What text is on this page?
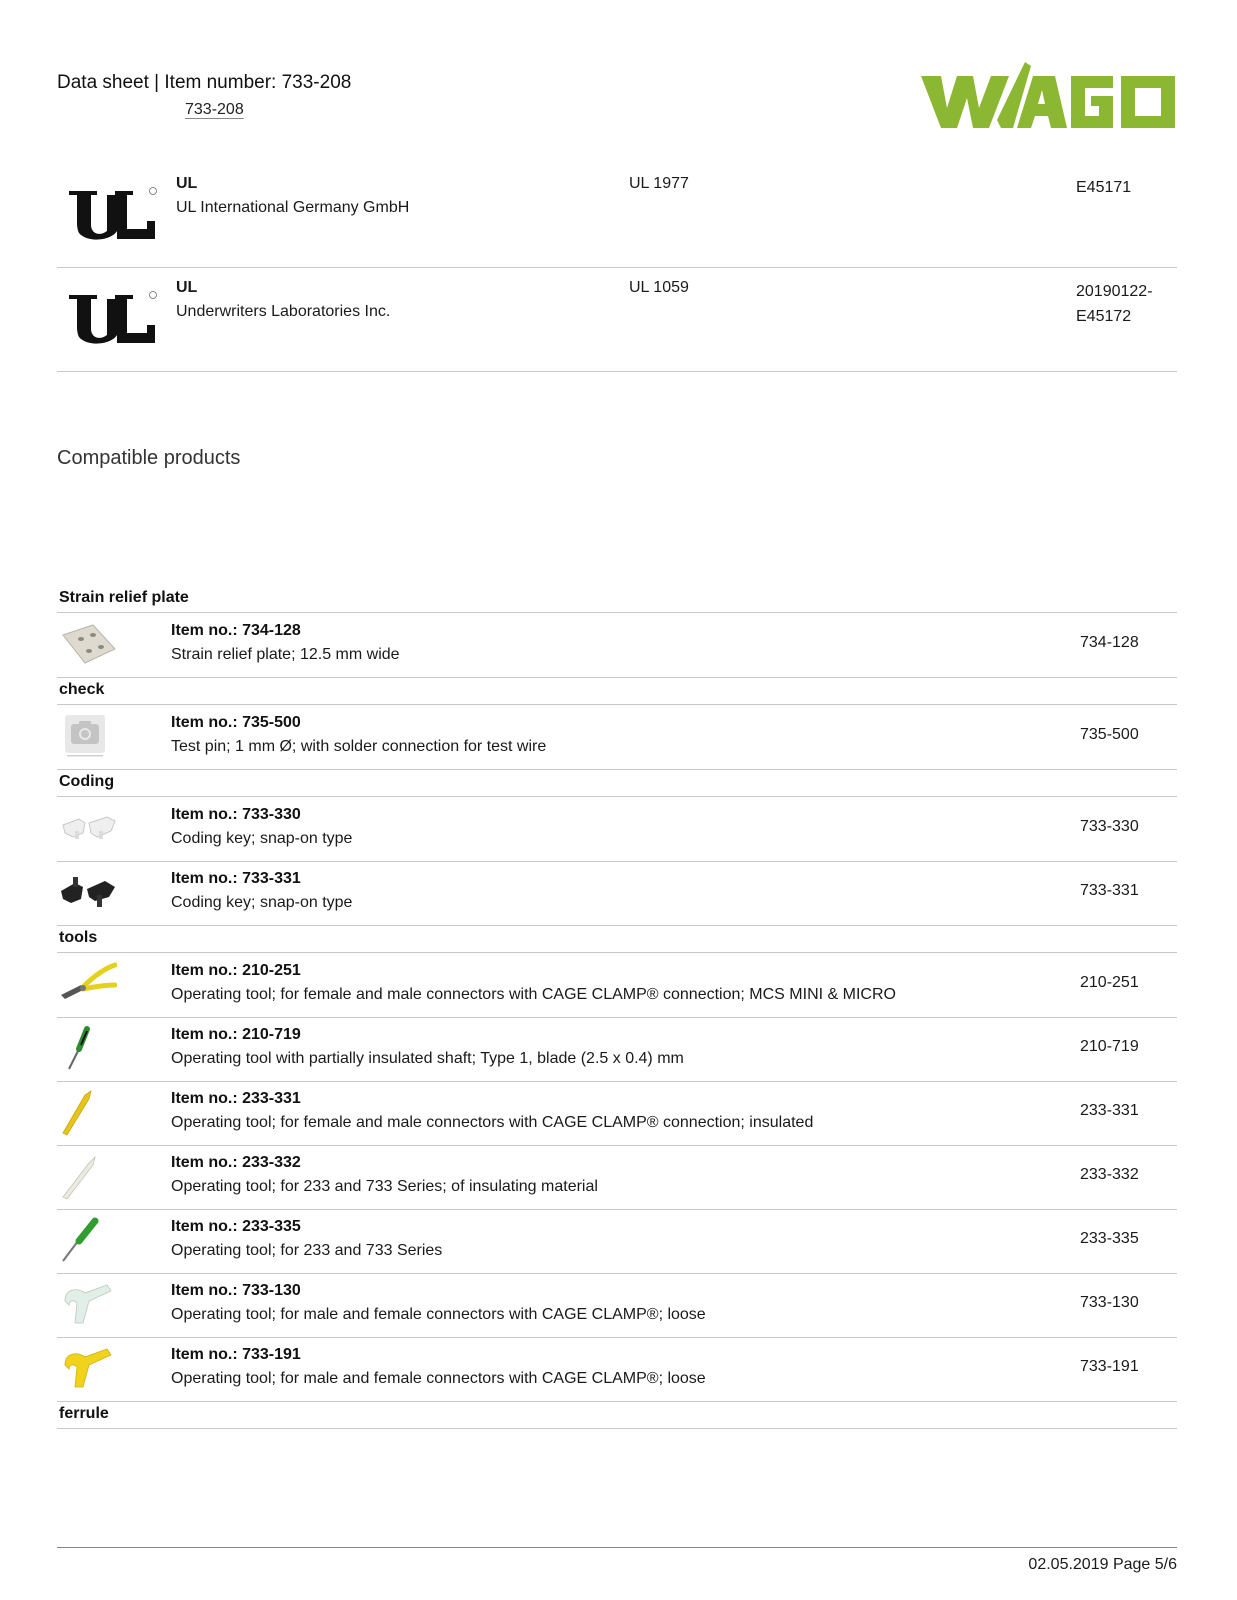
Data sheet | Item number: 733-208
733-208
UL
UL International Germany GmbH
UL 1977	E45171
UL
Underwriters Laboratories Inc.
UL 1059	20190122-E45172
Compatible products
Strain relief plate
Item no.: 734-128
Strain relief plate; 12.5 mm wide
734-128
check
Item no.: 735-500
Test pin; 1 mm Ø; with solder connection for test wire
735-500
Coding
Item no.: 733-330
Coding key; snap-on type
733-330
Item no.: 733-331
Coding key; snap-on type
733-331
tools
Item no.: 210-251
Operating tool; for female and male connectors with CAGE CLAMP® connection; MCS MINI & MICRO
210-251
Item no.: 210-719
Operating tool with partially insulated shaft; Type 1, blade (2.5 x 0.4) mm
210-719
Item no.: 233-331
Operating tool; for female and male connectors with CAGE CLAMP® connection; insulated
233-331
Item no.: 233-332
Operating tool; for 233 and 733 Series; of insulating material
233-332
Item no.: 233-335
Operating tool; for 233 and 733 Series
233-335
Item no.: 733-130
Operating tool; for male and female connectors with CAGE CLAMP®; loose
733-130
Item no.: 733-191
Operating tool; for male and female connectors with CAGE CLAMP®; loose
733-191
ferrule
02.05.2019 Page 5/6
